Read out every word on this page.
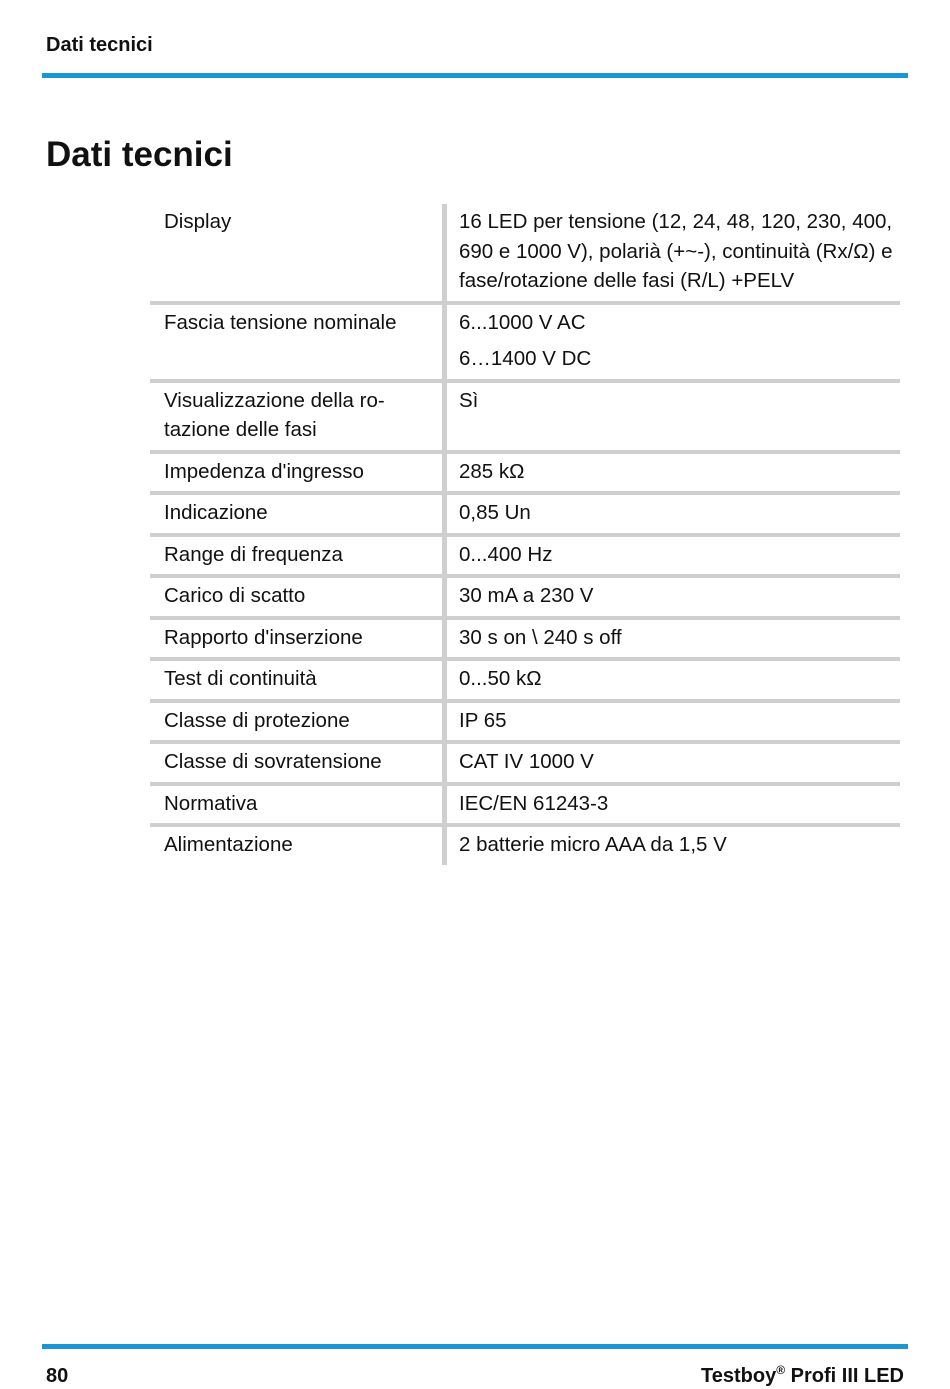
Dati tecnici
Dati tecnici
Display	16 LED per tensione (12, 24, 48, 120, 230, 400, 690 e 1000 V), polarià (+~-), continuità (Rx/Ω) e fase/rotazione delle fasi (R/L) +PELV
Fascia tensione nominale	6...1000 V AC
6…1400 V DC

Visualizzazione della ro-tazione delle fasi	Sì
Impedenza d'ingresso	285 kΩ
Indicazione	0,85 Un
Range di frequenza	0...400 Hz
Carico di scatto	30 mA a 230 V
Rapporto d'inserzione	30 s on \ 240 s off
Test di continuità	0...50 kΩ
Classe di protezione	IP 65
Classe di sovratensione	CAT IV 1000 V
Normativa	IEC/EN 61243-3
Alimentazione	2 batterie micro AAA da 1,5 V
80	Testboy® Profi III LED
